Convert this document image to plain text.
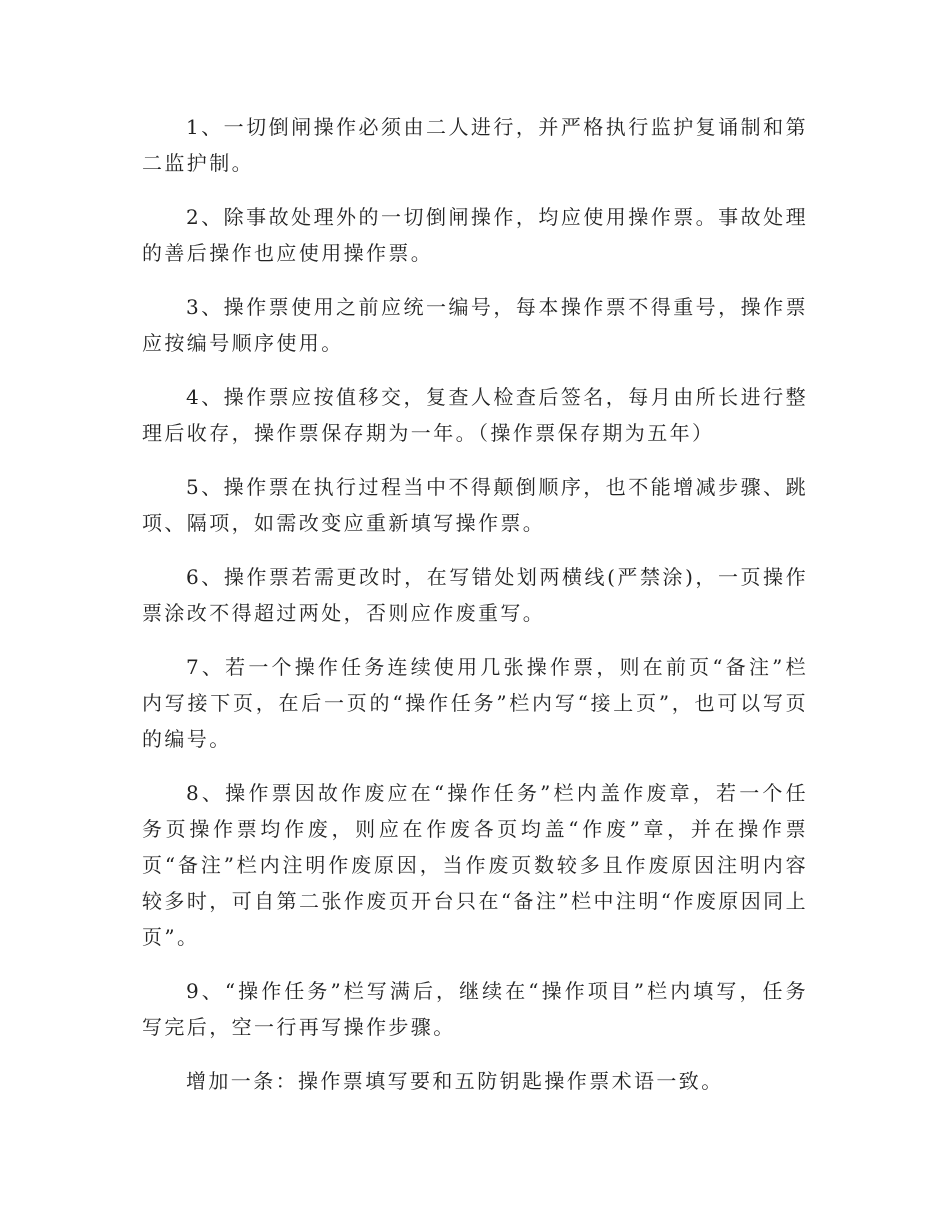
1、一切倒闸操作必须由二人进行，并严格执行监护复诵制和第二监护制。

2、除事故处理外的一切倒闸操作，均应使用操作票。事故处理的善后操作也应使用操作票。

3、操作票使用之前应统一编号，每本操作票不得重号，操作票应按编号顺序使用。

4、操作票应按值移交，复查人检查后签名，每月由所长进行整理后收存，操作票保存期为一年。（操作票保存期为五年）

5、操作票在执行过程当中不得颠倒顺序，也不能增减步骤、跳项、隔项，如需改变应重新填写操作票。

6、操作票若需更改时，在写错处划两横线(严禁涂)，一页操作票涂改不得超过两处，否则应作废重写。

7、若一个操作任务连续使用几张操作票，则在前页“备注”栏内写接下页，在后一页的“操作任务”栏内写“接上页”，也可以写页的编号。

8、操作票因故作废应在“操作任务”栏内盖作废章，若一个任务页操作票均作废，则应在作废各页均盖“作废”章，并在操作票页“备注”栏内注明作废原因，当作废页数较多且作废原因注明内容较多时，可自第二张作废页开台只在“备注”栏中注明“作废原因同上页”。

9、“操作任务”栏写满后，继续在“操作项目”栏内填写，任务写完后，空一行再写操作步骤。

增加一条：操作票填写要和五防钥匙操作票术语一致。
